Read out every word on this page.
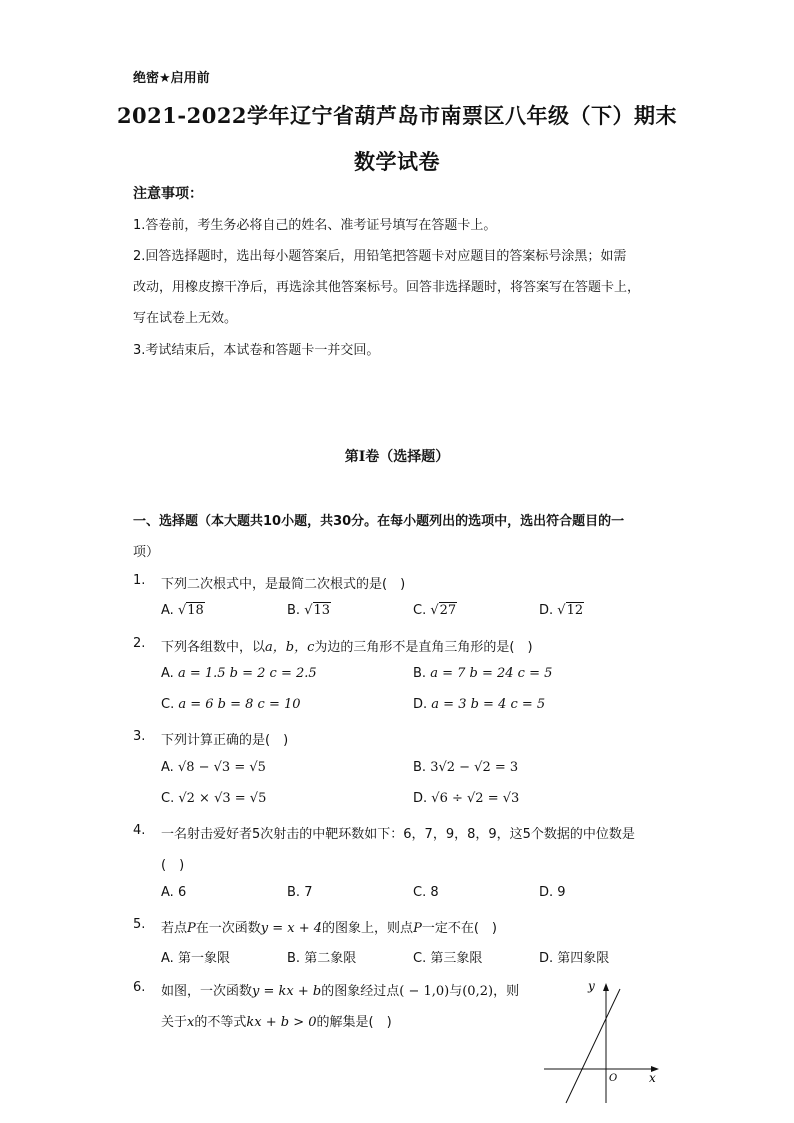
绝密★启用前
2021-2022学年辽宁省葫芦岛市南票区八年级（下）期末
数学试卷
注意事项：
1.答卷前，考生务必将自己的姓名、准考证号填写在答题卡上。
2.回答选择题时，选出每小题答案后，用铅笔把答题卡对应题目的答案标号涂黑；如需
改动，用橡皮擦干净后，再选涂其他答案标号。回答非选择题时，将答案写在答题卡上，
写在试卷上无效。
3.考试结束后，本试卷和答题卡一并交回。
第I卷（选择题）
一、选择题（本大题共10小题，共30分。在每小题列出的选项中，选出符合题目的一
项）
1. 下列二次根式中，是最简二次根式的是(　)
A. √18	B. √13	C. √27	D. √12
2. 下列各组数中，以a，b，c为边的三角形不是直角三角形的是(　)
A. a = 1.5 b = 2 c = 2.5	B. a = 7 b = 24 c = 5
C. a = 6 b = 8 c = 10	D. a = 3 b = 4 c = 5
3. 下列计算正确的是(　)
A. √8 − √3 = √5	B. 3√2 − √2 = 3
C. √2 × √3 = √5	D. √6 ÷ √2 = √3
4. 一名射击爱好者5次射击的中靶环数如下：6，7，9，8，9，这5个数据的中位数是
(　)
A. 6	B. 7	C. 8	D. 9
5. 若点P在一次函数y = x + 4的图象上，则点P一定不在(　)
A. 第一象限	B. 第二象限	C. 第三象限	D. 第四象限
6. 如图，一次函数y = kx + b的图象经过点( − 1,0)与(0,2)，则
关于x的不等式kx + b > 0的解集是(　)
y
x
O
